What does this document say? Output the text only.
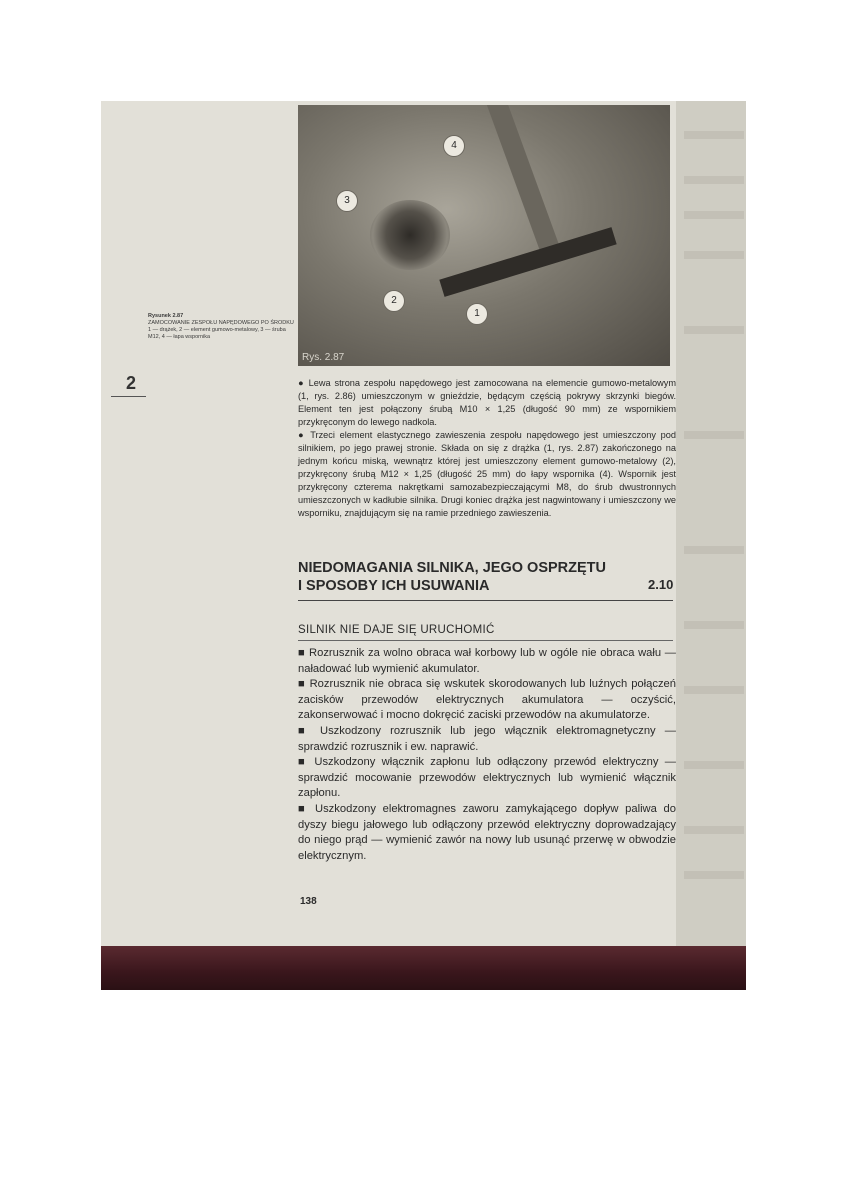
4
3
2
1
Rys. 2.87
Rysunek 2.87
ZAMOCOWANIE ZESPOŁU NAPĘDOWEGO PO ŚRODKU 1 — drążek, 2 — element gumowo-metalowy, 3 — śruba M12, 4 — łapa wspornika
2	● Lewa strona zespołu napędowego jest zamocowana na elemencie gumowo-metalowym (1, rys. 2.86) umieszczonym w gnieździe, będącym częścią pokrywy skrzynki biegów. Element ten jest połączony śrubą M10 × 1,25 (długość 90 mm) ze wspornikiem przykręconym do lewego nadkola.

● Trzeci element elastycznego zawieszenia zespołu napędowego jest umieszczony pod silnikiem, po jego prawej stronie. Składa on się z drążka (1, rys. 2.87) zakończonego na jednym końcu miską, wewnątrz której jest umieszczony element gumowo-metalowy (2), przykręcony śrubą M12 × 1,25 (długość 25 mm) do łapy wspornika (4). Wspornik jest przykręcony czterema nakrętkami samozabezpieczającymi M8, do śrub dwustronnych umieszczonych w kadłubie silnika. Drugi koniec drążka jest nagwintowany i umieszczony we wsporniku, znajdującym się na ramie przedniego zawieszenia.

NIEDOMAGANIA SILNIKA, JEGO OSPRZĘTU
I SPOSOBY ICH USUWANIA	2.10
SILNIK NIE DAJE SIĘ URUCHOMIĆ

■ Rozrusznik za wolno obraca wał korbowy lub w ogóle nie obraca wału — naładować lub wymienić akumulator.

■ Rozrusznik nie obraca się wskutek skorodowanych lub luźnych połączeń zacisków przewodów elektrycznych akumulatora — oczyścić, zakonserwować i mocno dokręcić zaciski przewodów na akumulatorze.

■ Uszkodzony rozrusznik lub jego włącznik elektromagnetyczny — sprawdzić rozrusznik i ew. naprawić.

■ Uszkodzony włącznik zapłonu lub odłączony przewód elektryczny — sprawdzić mocowanie przewodów elektrycznych lub wymienić włącznik zapłonu.

■ Uszkodzony elektromagnes zaworu zamykającego dopływ paliwa do dyszy biegu jałowego lub odłączony przewód elektryczny doprowadzający do niego prąd — wymienić zawór na nowy lub usunąć przerwę w obwodzie elektrycznym.

138
